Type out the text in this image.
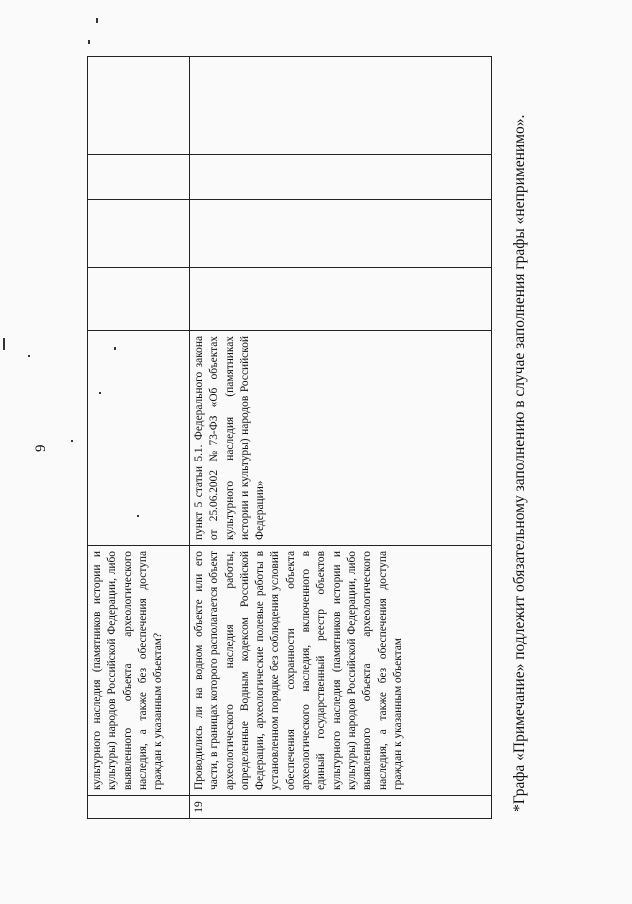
9
	культурного наследия (памятников истории и культуры) народов Российской Федерации, либо выявленного объекта археологического наследия, а также без обеспечения доступа граждан к указанным объектам?					
19	Проводились ли на водном объекте или его части, в границах которого располагается объект археологического наследия работы, определенные Водным кодексом Российской Федерации, археологические полевые работы в установленном порядке без соблюдения условий обеспечения сохранности объекта археологического наследия, включенного в единый государственный реестр объектов культурного наследия (памятников истории и культуры) народов Российской Федерации, либо выявленного объекта археологического наследия, а также без обеспечения доступа граждан к указанным объектам	пункт 5 статьи 5.1. Федерального закона от 25.06.2002 №73-ФЗ «Об объектах культурного наследия (памятниках истории и культуры) народов Российской Федерации»					*Графа «Примечание» подлежит обязательному заполнению в случае заполнения графы «неприменимо».
